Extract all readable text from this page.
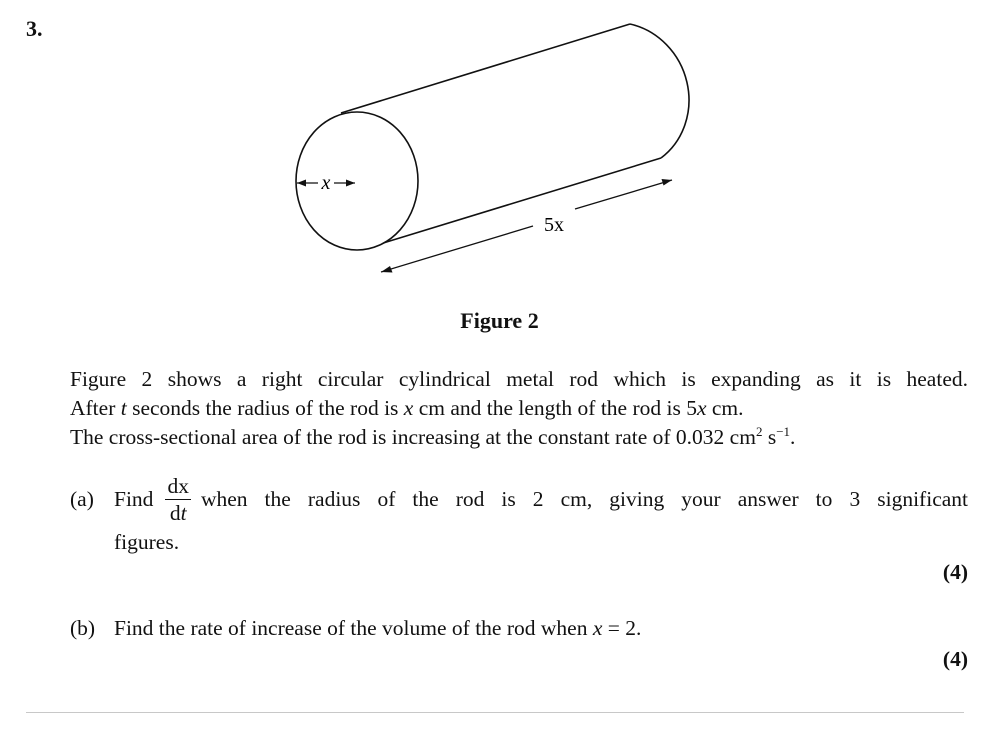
3.
x
5x
Figure 2
Figure 2 shows a right circular cylindrical metal rod which is expanding as it is heated.
After t seconds the radius of the rod is x cm and the length of the rod is 5x cm.
The cross-sectional area of the rod is increasing at the constant rate of 0.032 $cm^2$ $s^{-1}$.
(a) Find $\frac{dx}{dt}$ when the radius of the rod is 2 cm, giving your answer to 3 significant
figures.
(4)
(b) Find the rate of increase of the volume of the rod when x = 2.
(4)
